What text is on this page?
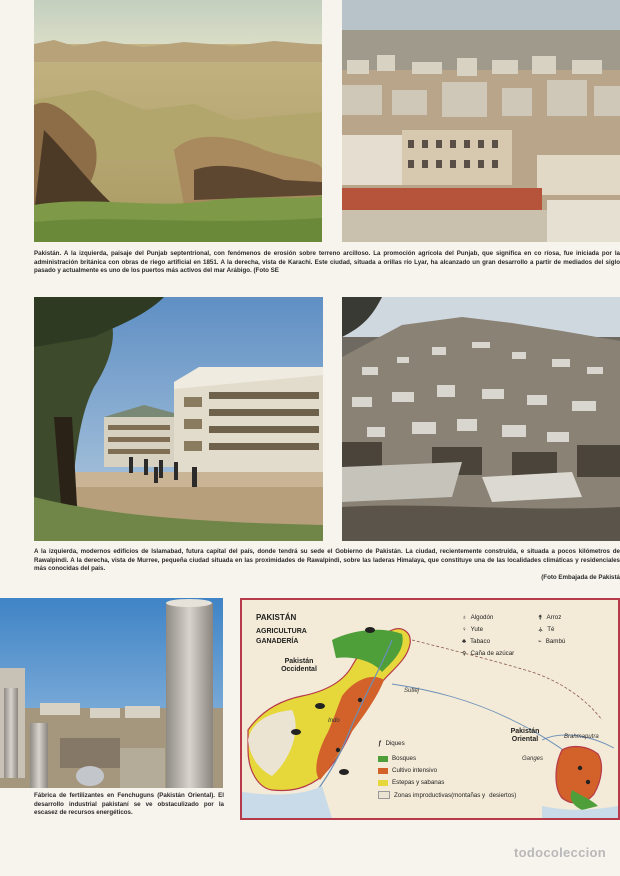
Pakistán. A la izquierda, paisaje del Punjab septentrional, con fenómenos de erosión sobre terreno arcilloso. La promoción agrícola del Punjab, que significa en co ríosa, fue iniciada por la administración británica con obras de riego artificial en 1851. A la derecha, vista de Karachi. Este ciudad, situada a orillas río Lyar, ha alcanzado un gran desarrollo a partir de mediados del siglo pasado y actualmente es uno de los puertos más activos del mar Arábigo. (Foto SE

A la izquierda, modernos edificios de Islamabad, futura capital del país, donde tendrá su sede el Gobierno de Pakistán. La ciudad, recientemente construida, e situada a pocos kilómetros de Rawalpindi. A la derecha, vista de Murree, pequeña ciudad situada en las proximidades de Rawalpindi, sobre las laderas Himalaya, que constituye una de las localidades climáticas y residenciales más conocidas del país.
(Foto Embajada de Pakistá

Fábrica de fertilizantes en Fenchuguns (Pakistán Oriental). El desarrollo industrial pakistaní se ve obstaculizado por la escasez de recursos energéticos.

PAKISTÁN
AGRICULTURA
GANADERÍA
Pakistán Occidental
Pakistán Oriental
Sutlej
Indo
Ganges
Brahmaputra
♁ Algodón
♀ Yute
♣ Tabaco
⚴ Caña de azúcar
⚵ Arroz
⚶ Té
⌁ Bambú
ƒ Diques
Bosques
Cultivo intensivo
Estepas y sabanas
Zonas improductivas(montañas y desiertos)
todocoleccion
